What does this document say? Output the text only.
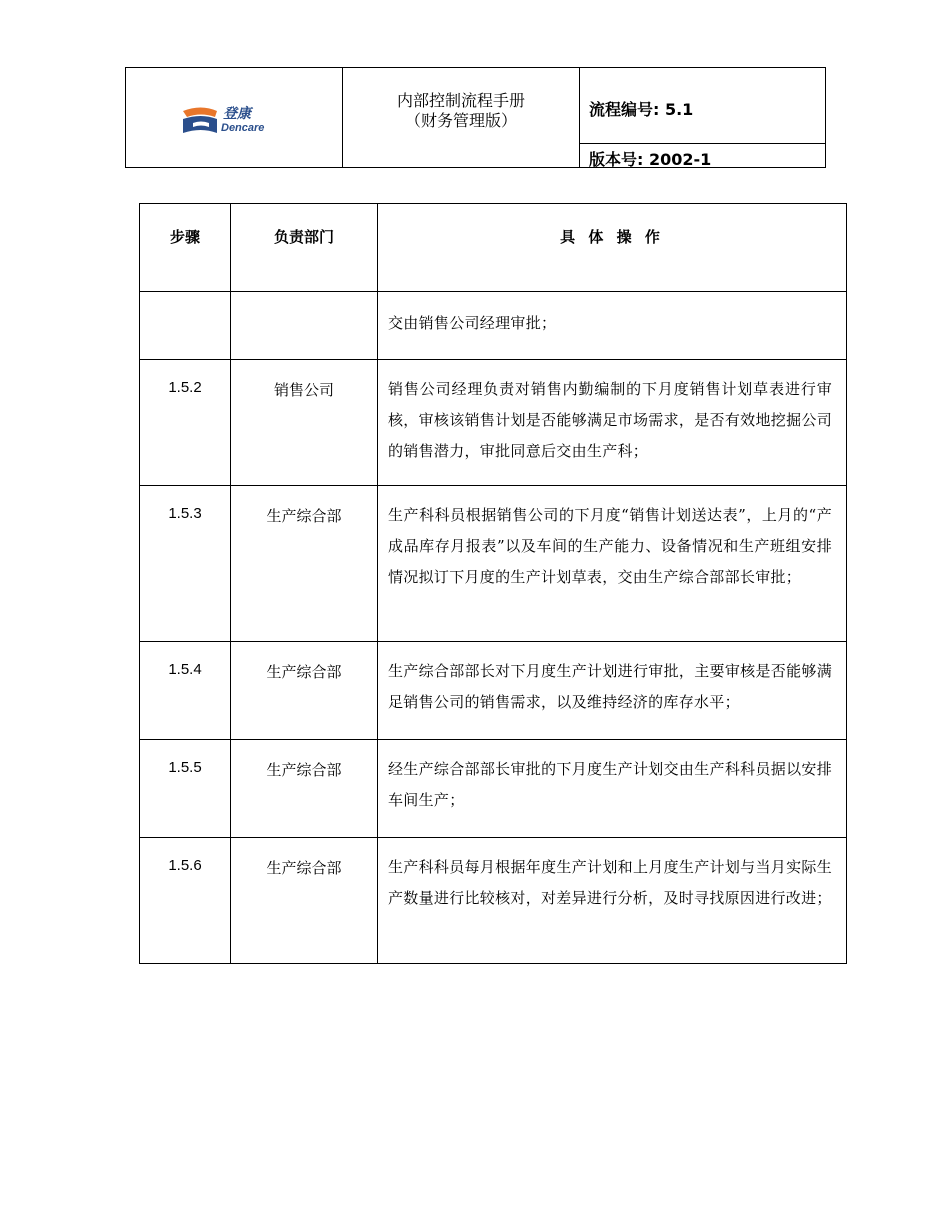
登康
Dencare
内部控制流程手册
（财务管理版）
流程编号: 5.1
版本号: 2002-1
步骤	负责部门	具 体 操 作
		交由销售公司经理审批；
1.5.2	销售公司	销售公司经理负责对销售内勤编制的下月度销售计划草表进行审核，审核该销售计划是否能够满足市场需求，是否有效地挖掘公司的销售潜力，审批同意后交由生产科；
1.5.3	生产综合部	生产科科员根据销售公司的下月度“销售计划送达表”，上月的“产成品库存月报表”以及车间的生产能力、设备情况和生产班组安排情况拟订下月度的生产计划草表，交由生产综合部部长审批；
1.5.4	生产综合部	生产综合部部长对下月度生产计划进行审批，主要审核是否能够满足销售公司的销售需求，以及维持经济的库存水平；
1.5.5	生产综合部	经生产综合部部长审批的下月度生产计划交由生产科科员据以安排车间生产；
1.5.6	生产综合部	生产科科员每月根据年度生产计划和上月度生产计划与当月实际生产数量进行比较核对，对差异进行分析，及时寻找原因进行改进；
